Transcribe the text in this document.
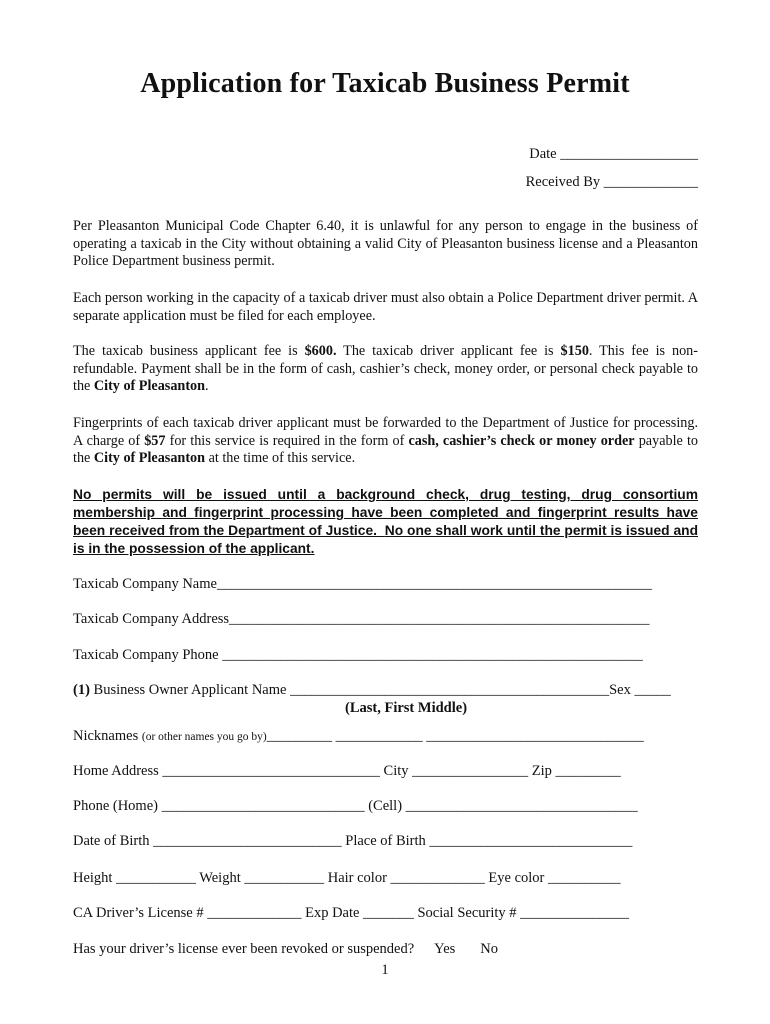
Application for Taxicab Business Permit
Date ___________________
Received By _____________
Per Pleasanton Municipal Code Chapter 6.40, it is unlawful for any person to engage in the business of operating a taxicab in the City without obtaining a valid City of Pleasanton business license and a Pleasanton Police Department business permit.
Each person working in the capacity of a taxicab driver must also obtain a Police Department driver permit. A separate application must be filed for each employee.
The taxicab business applicant fee is $600. The taxicab driver applicant fee is $150. This fee is non-refundable. Payment shall be in the form of cash, cashier’s check, money order, or personal check payable to the City of Pleasanton.
Fingerprints of each taxicab driver applicant must be forwarded to the Department of Justice for processing. A charge of $57 for this service is required in the form of cash, cashier’s check or money order payable to the City of Pleasanton at the time of this service.
No permits will be issued until a background check, drug testing, drug consortium membership and fingerprint processing have been completed and fingerprint results have been received from the Department of Justice. No one shall work until the permit is issued and is in the possession of the applicant.
Taxicab Company Name____________________________________________________________
Taxicab Company Address__________________________________________________________
Taxicab Company Phone __________________________________________________________
(1) Business Owner Applicant Name ____________________________________________Sex _____
(Last, First Middle)
Nicknames (or other names you go by)_________ ____________ ______________________________
Home Address ______________________________ City ________________ Zip _________
Phone (Home) ____________________________ (Cell) ________________________________
Date of Birth __________________________ Place of Birth ____________________________
Height ___________ Weight ___________ Hair color _____________ Eye color __________
CA Driver’s License # _____________ Exp Date _______ Social Security # _______________
Has your driver’s license ever been revoked or suspended? Yes No
1
